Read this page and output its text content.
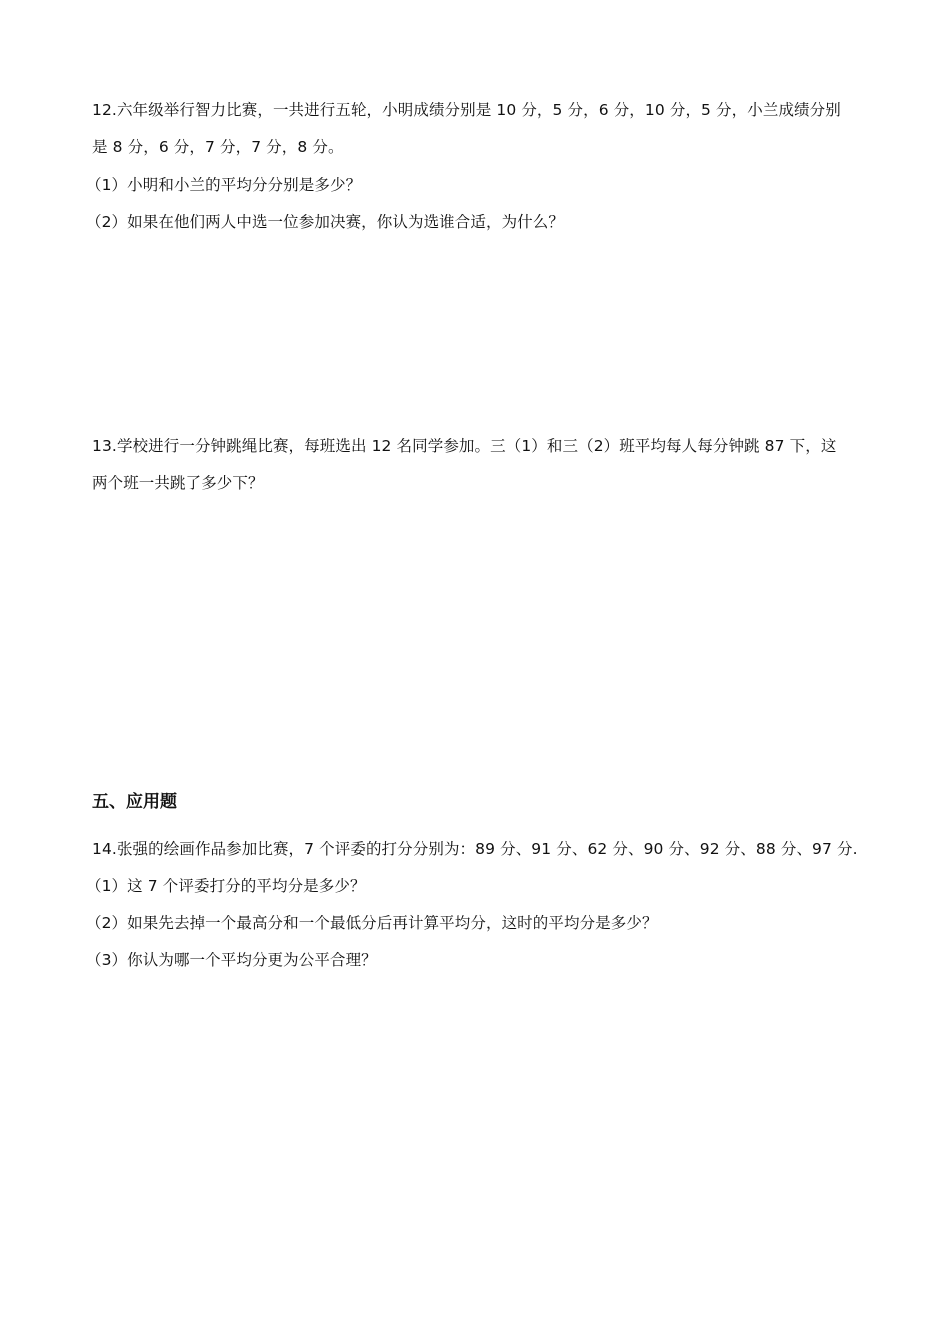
12.六年级举行智力比赛，一共进行五轮，小明成绩分别是 10 分，5 分，6 分，10 分，5 分，小兰成绩分别
是 8 分，6 分，7 分，7 分，8 分。
（1）小明和小兰的平均分分别是多少？
（2）如果在他们两人中选一位参加决赛，你认为选谁合适，为什么？
13.学校进行一分钟跳绳比赛，每班选出 12 名同学参加。三（1）和三（2）班平均每人每分钟跳 87 下，这
两个班一共跳了多少下？
五、应用题
14.张强的绘画作品参加比赛，7 个评委的打分分别为：89 分、91 分、62 分、90 分、92 分、88 分、97 分.
（1）这 7 个评委打分的平均分是多少？
（2）如果先去掉一个最高分和一个最低分后再计算平均分，这时的平均分是多少？
（3）你认为哪一个平均分更为公平合理？
